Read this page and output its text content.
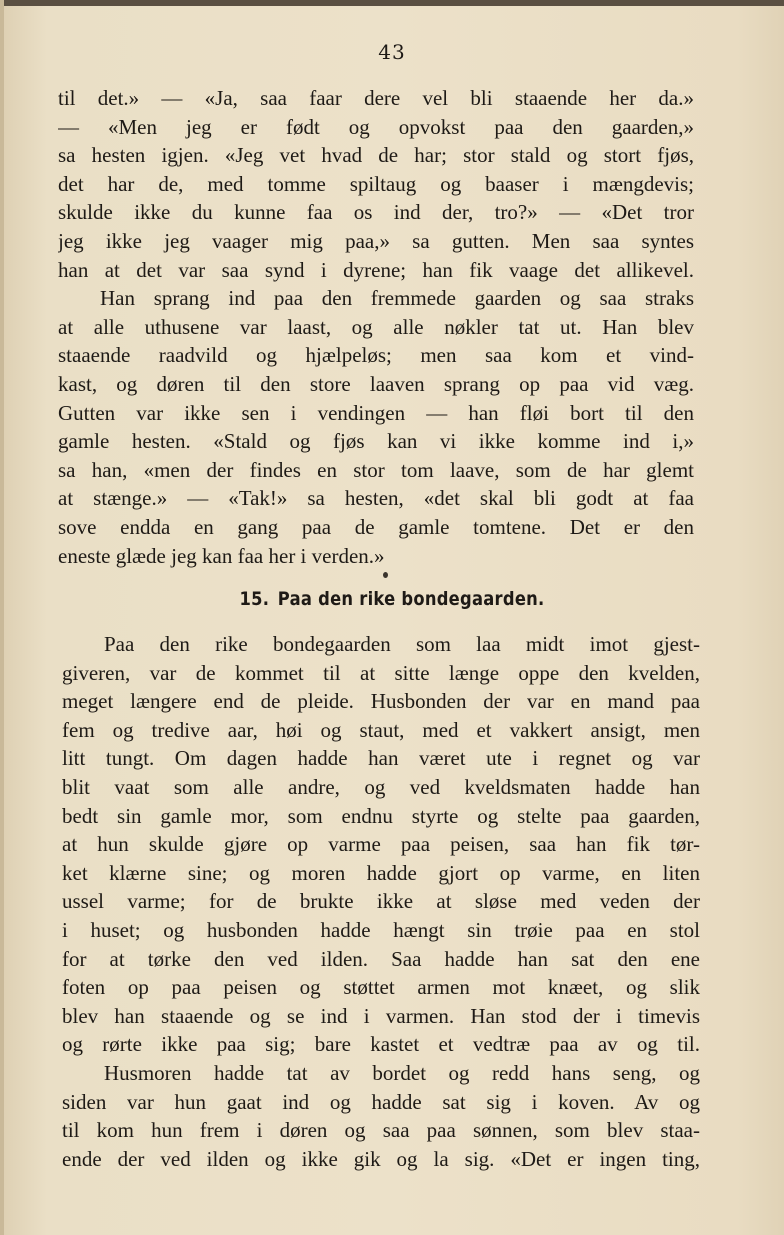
43
til det.» — «Ja, saa faar dere vel bli staaende her da.»
— «Men jeg er født og opvokst paa den gaarden,»
sa hesten igjen. «Jeg vet hvad de har; stor stald og stort fjøs,
det har de, med tomme spiltaug og baaser i mængdevis;
skulde ikke du kunne faa os ind der, tro?» — «Det tror
jeg ikke jeg vaager mig paa,» sa gutten. Men saa syntes
han at det var saa synd i dyrene; han fik vaage det allikevel.
Han sprang ind paa den fremmede gaarden og saa straks
at alle uthusene var laast, og alle nøkler tat ut. Han blev
staaende raadvild og hjælpeløs; men saa kom et vind-
kast, og døren til den store laaven sprang op paa vid væg.
Gutten var ikke sen i vendingen — han fløi bort til den
gamle hesten. «Stald og fjøs kan vi ikke komme ind i,»
sa han, «men der findes en stor tom laave, som de har glemt
at stænge.» — «Tak!» sa hesten, «det skal bli godt at faa
sove endda en gang paa de gamle tomtene. Det er den
eneste glæde jeg kan faa her i verden.»
15. Paa den rike bondegaarden.
Paa den rike bondegaarden som laa midt imot gjest-
giveren, var de kommet til at sitte længe oppe den kvelden,
meget længere end de pleide. Husbonden der var en mand paa
fem og tredive aar, høi og staut, med et vakkert ansigt, men
litt tungt. Om dagen hadde han været ute i regnet og var
blit vaat som alle andre, og ved kveldsmaten hadde han
bedt sin gamle mor, som endnu styrte og stelte paa gaarden,
at hun skulde gjøre op varme paa peisen, saa han fik tør-
ket klærne sine; og moren hadde gjort op varme, en liten
ussel varme; for de brukte ikke at sløse med veden der
i huset; og husbonden hadde hængt sin trøie paa en stol
for at tørke den ved ilden. Saa hadde han sat den ene
foten op paa peisen og støttet armen mot knæet, og slik
blev han staaende og se ind i varmen. Han stod der i timevis
og rørte ikke paa sig; bare kastet et vedtræ paa av og til.
Husmoren hadde tat av bordet og redd hans seng, og
siden var hun gaat ind og hadde sat sig i koven. Av og
til kom hun frem i døren og saa paa sønnen, som blev staa-
ende der ved ilden og ikke gik og la sig. «Det er ingen ting,
